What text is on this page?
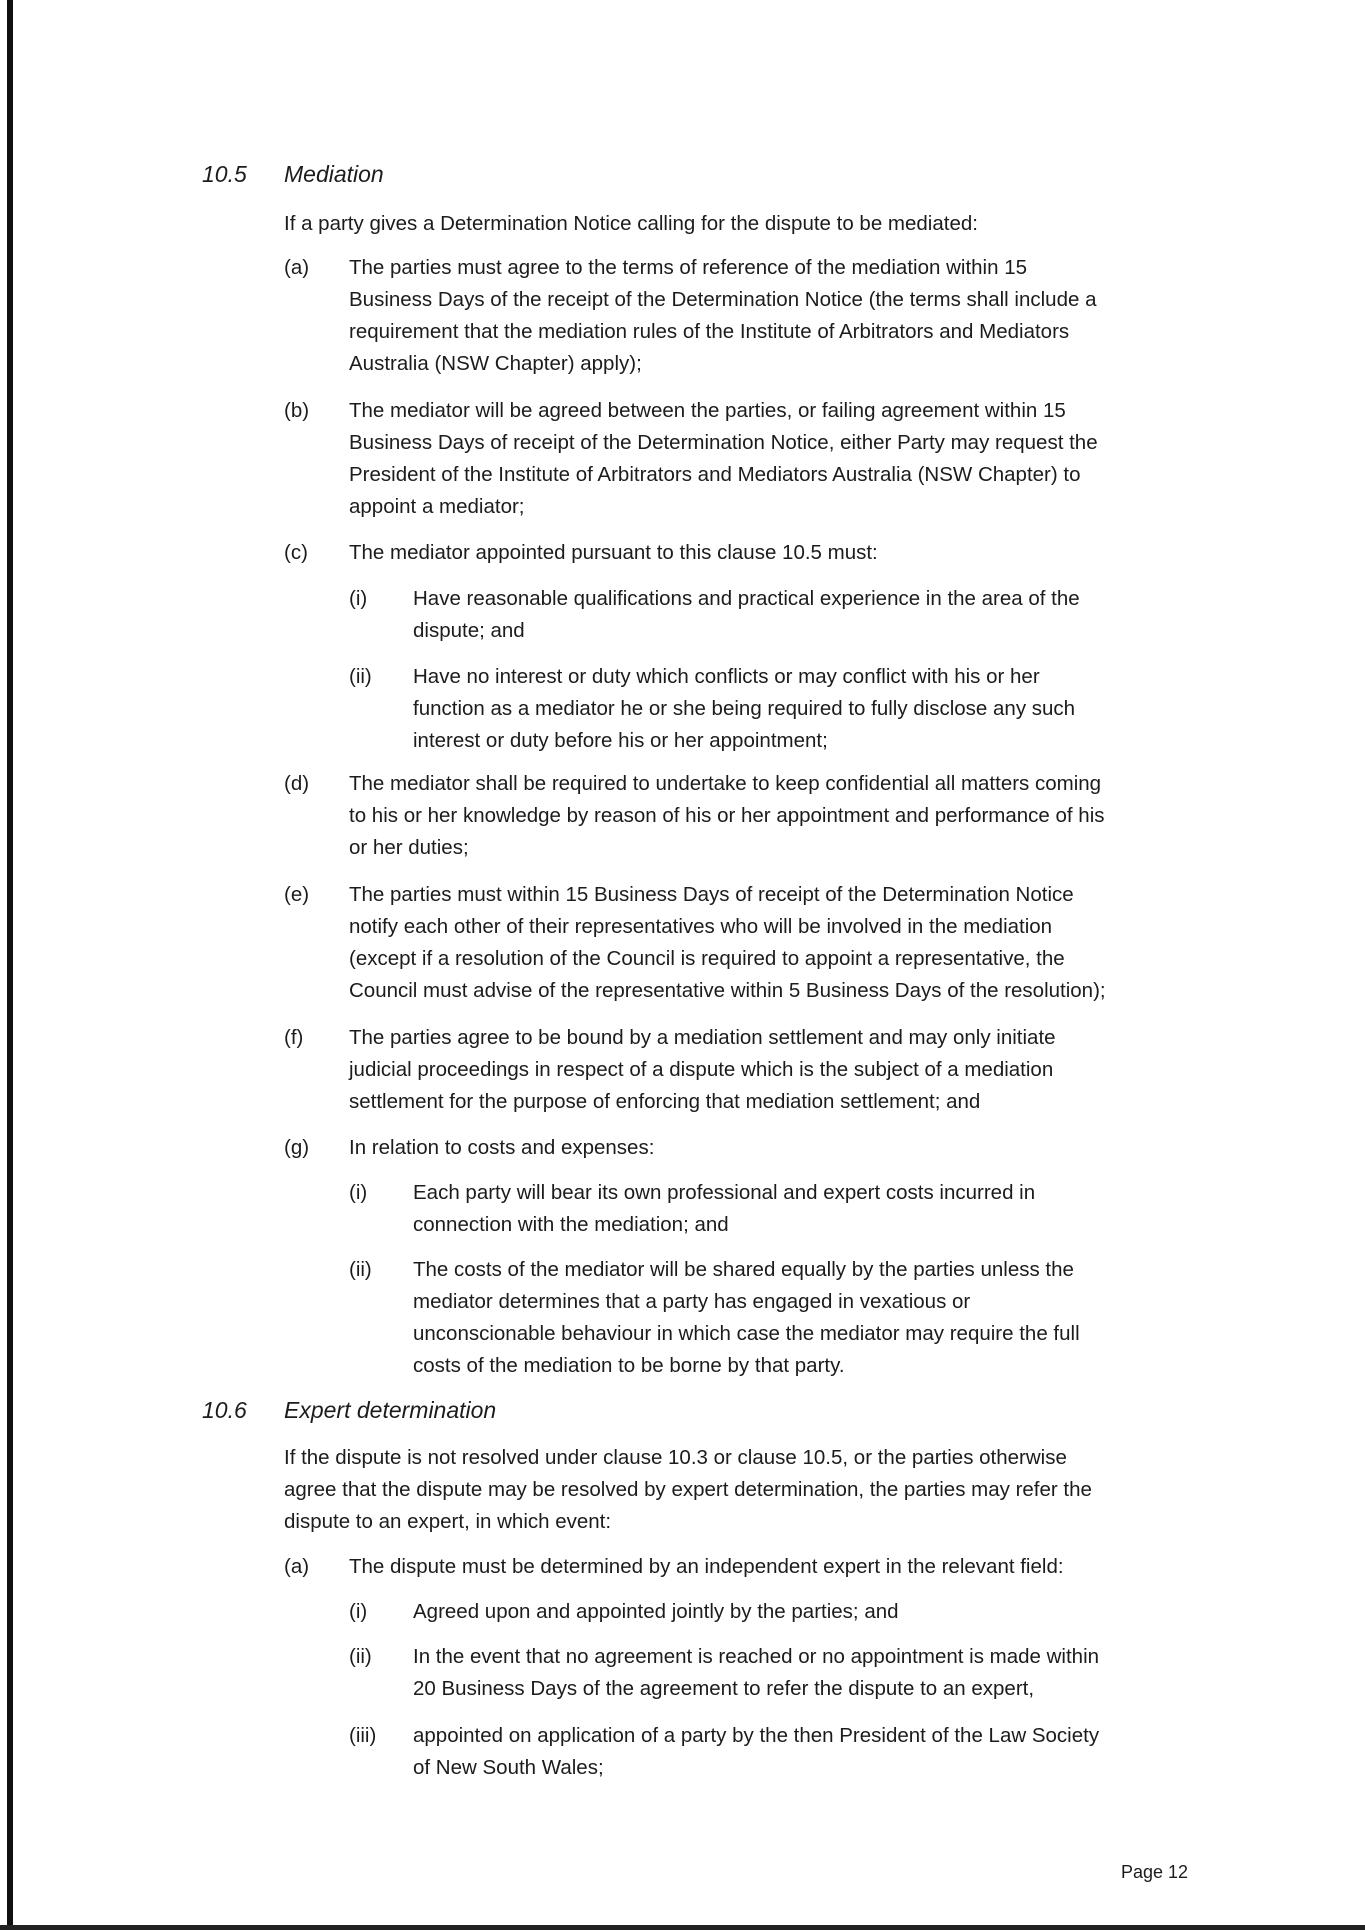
10.5 Mediation
If a party gives a Determination Notice calling for the dispute to be mediated:
(a) The parties must agree to the terms of reference of the mediation within 15
Business Days of the receipt of the Determination Notice (the terms shall include a
requirement that the mediation rules of the Institute of Arbitrators and Mediators
Australia (NSW Chapter) apply);
(b) The mediator will be agreed between the parties, or failing agreement within 15
Business Days of receipt of the Determination Notice, either Party may request the
President of the Institute of Arbitrators and Mediators Australia (NSW Chapter) to
appoint a mediator;
(c) The mediator appointed pursuant to this clause 10.5 must:
(i) Have reasonable qualifications and practical experience in the area of the
dispute; and
(ii) Have no interest or duty which conflicts or may conflict with his or her
function as a mediator he or she being required to fully disclose any such
interest or duty before his or her appointment;
(d) The mediator shall be required to undertake to keep confidential all matters coming
to his or her knowledge by reason of his or her appointment and performance of his
or her duties;
(e) The parties must within 15 Business Days of receipt of the Determination Notice
notify each other of their representatives who will be involved in the mediation
(except if a resolution of the Council is required to appoint a representative, the
Council must advise of the representative within 5 Business Days of the resolution);
(f) The parties agree to be bound by a mediation settlement and may only initiate
judicial proceedings in respect of a dispute which is the subject of a mediation
settlement for the purpose of enforcing that mediation settlement; and
(g) In relation to costs and expenses:
(i) Each party will bear its own professional and expert costs incurred in
connection with the mediation; and
(ii) The costs of the mediator will be shared equally by the parties unless the
mediator determines that a party has engaged in vexatious or
unconscionable behaviour in which case the mediator may require the full
costs of the mediation to be borne by that party.
10.6 Expert determination
If the dispute is not resolved under clause 10.3 or clause 10.5, or the parties otherwise
agree that the dispute may be resolved by expert determination, the parties may refer the
dispute to an expert, in which event:
(a) The dispute must be determined by an independent expert in the relevant field:
(i) Agreed upon and appointed jointly by the parties; and
(ii) In the event that no agreement is reached or no appointment is made within
20 Business Days of the agreement to refer the dispute to an expert,
(iii) appointed on application of a party by the then President of the Law Society
of New South Wales;
Page 12
